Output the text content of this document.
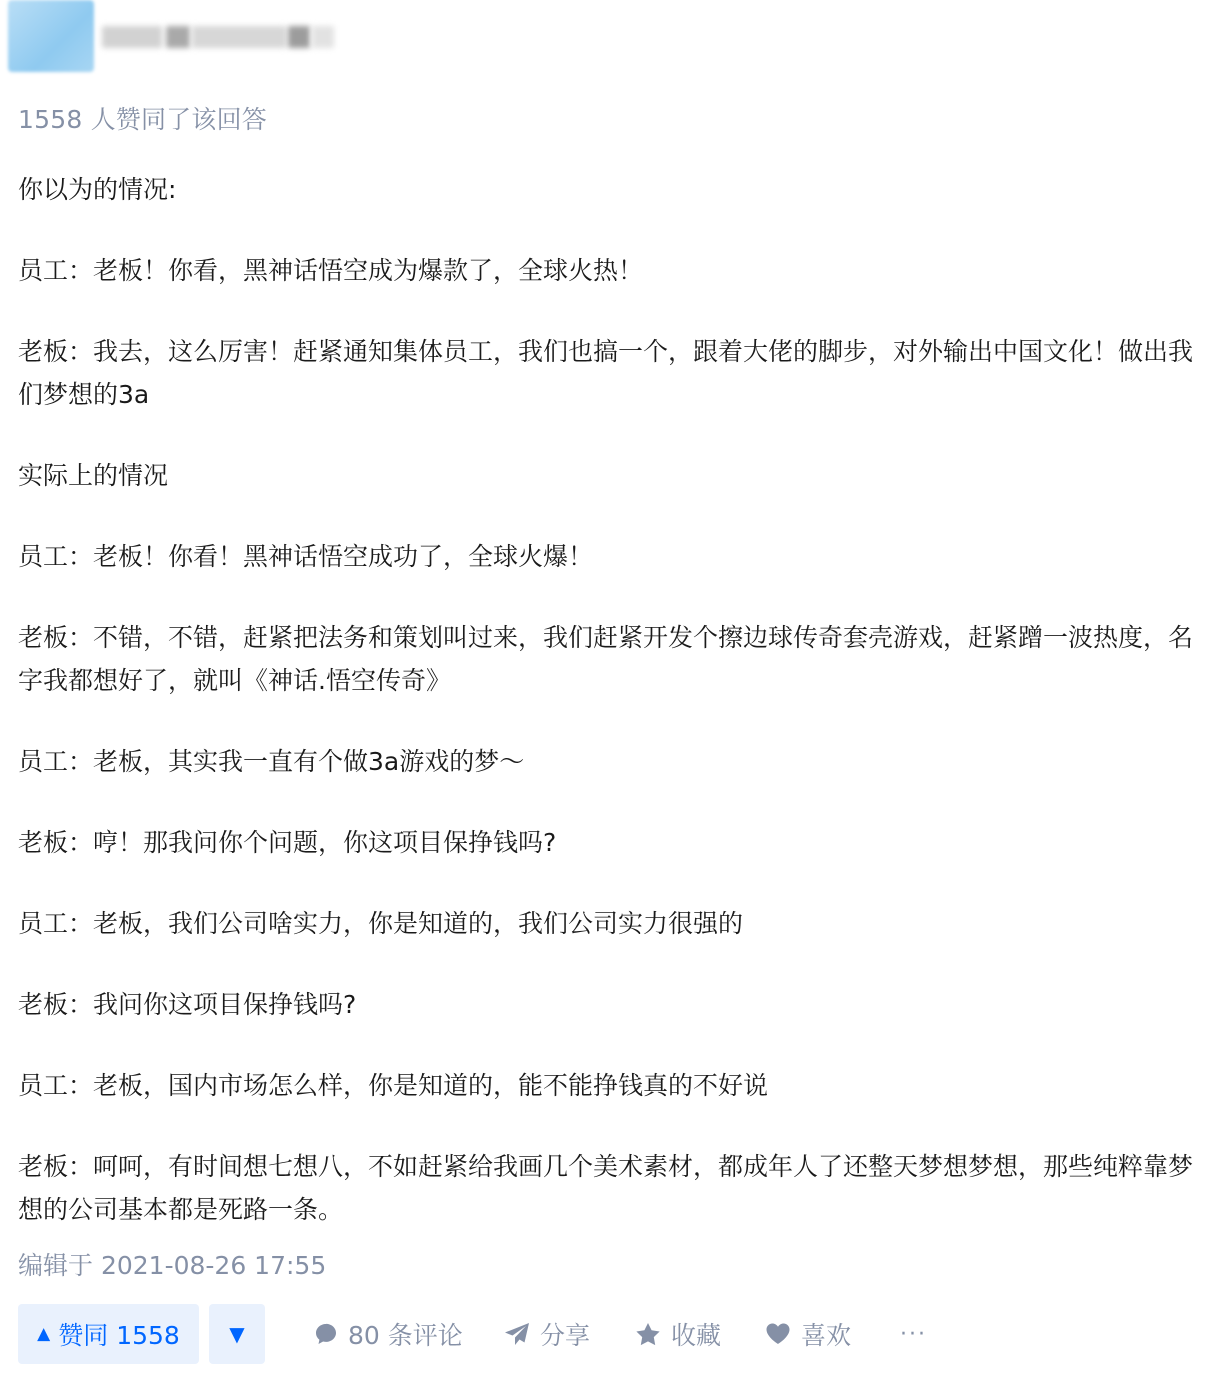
1558 人赞同了该回答

你以为的情况:

员工：老板！你看，黑神话悟空成为爆款了，全球火热！

老板：我去，这么厉害！赶紧通知集体员工，我们也搞一个，跟着大佬的脚步，对外输出中国文化！做出我们梦想的3a

实际上的情况

员工：老板！你看！黑神话悟空成功了，全球火爆！

老板：不错，不错，赶紧把法务和策划叫过来，我们赶紧开发个擦边球传奇套壳游戏，赶紧蹭一波热度，名字我都想好了，就叫《神话.悟空传奇》

员工：老板，其实我一直有个做3a游戏的梦～

老板：哼！那我问你个问题，你这项目保挣钱吗?

员工：老板，我们公司啥实力，你是知道的，我们公司实力很强的

老板：我问你这项目保挣钱吗?

员工：老板，国内市场怎么样，你是知道的，能不能挣钱真的不好说

老板：呵呵，有时间想七想八，不如赶紧给我画几个美术素材，都成年人了还整天梦想梦想，那些纯粹靠梦想的公司基本都是死路一条。

编辑于 2021-08-26 17:55
▲ 赞同 1558 ▼	80 条评论	分享	收藏	喜欢 ···
